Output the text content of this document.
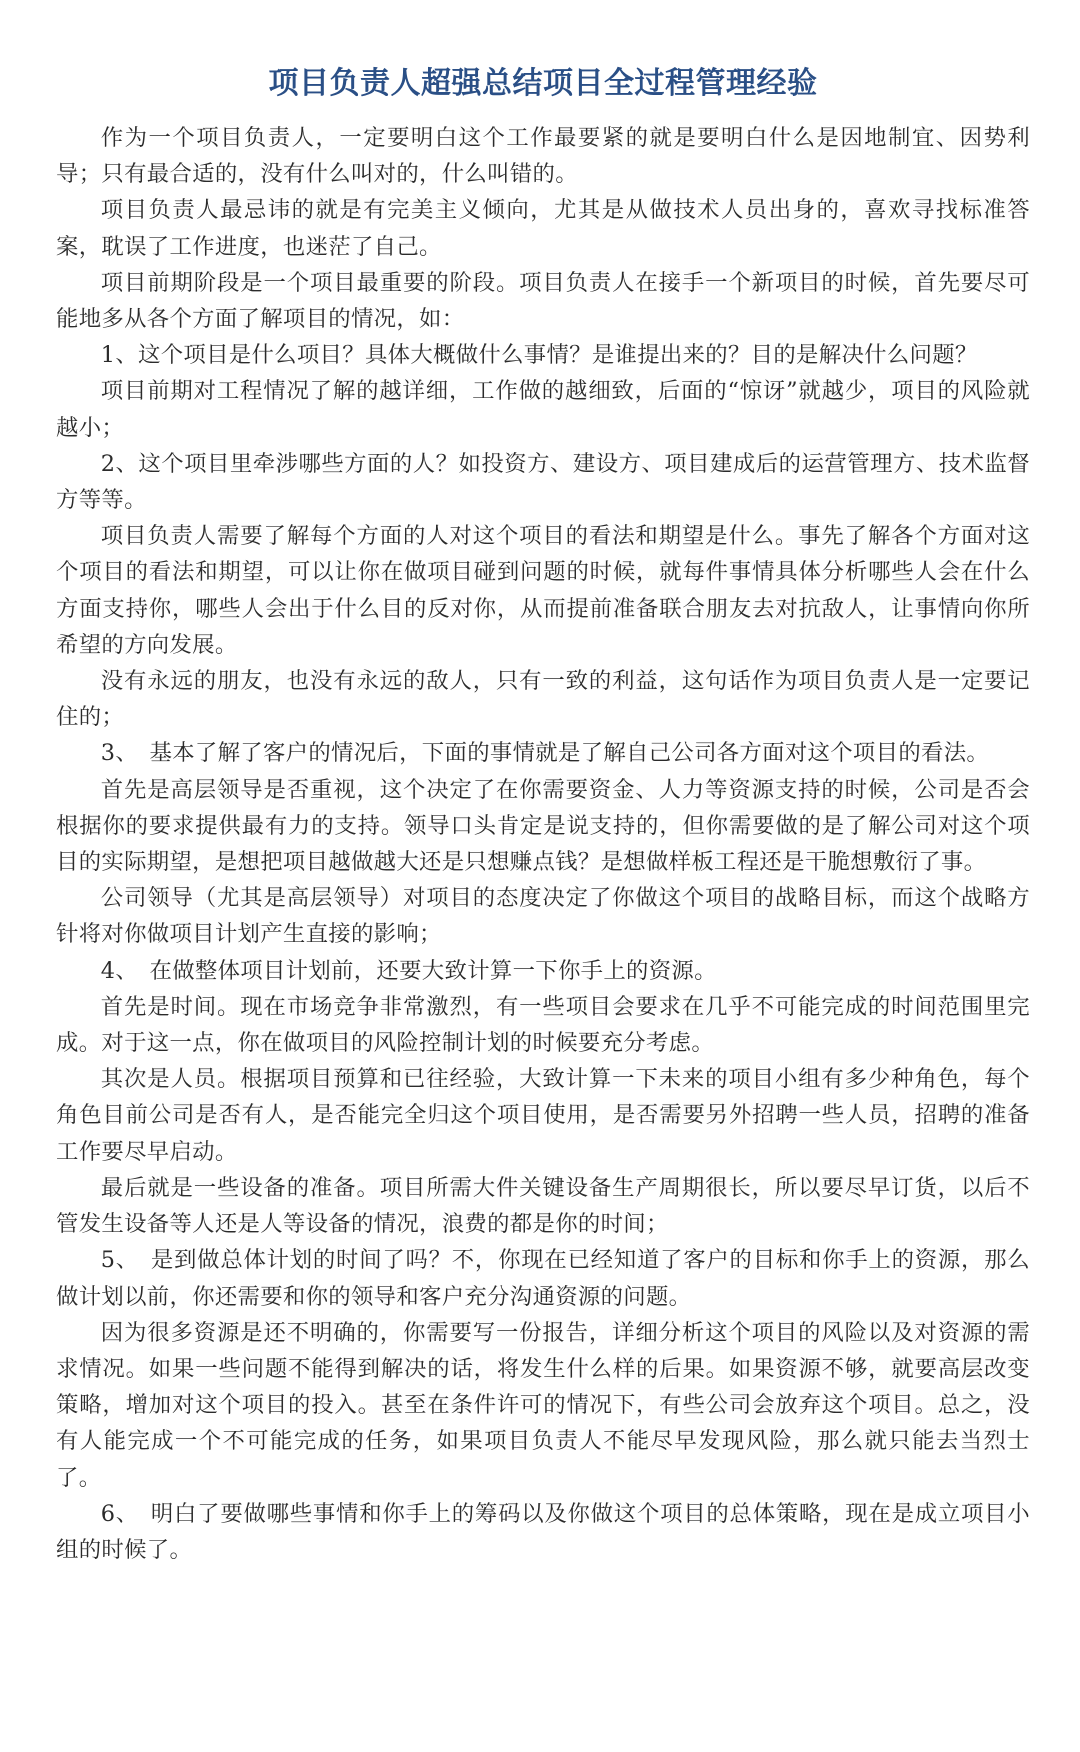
项目负责人超强总结项目全过程管理经验

作为一个项目负责人，一定要明白这个工作最要紧的就是要明白什么是因地制宜、因势利导；只有最合适的，没有什么叫对的，什么叫错的。

项目负责人最忌讳的就是有完美主义倾向，尤其是从做技术人员出身的，喜欢寻找标准答案，耽误了工作进度，也迷茫了自己。

项目前期阶段是一个项目最重要的阶段。项目负责人在接手一个新项目的时候，首先要尽可能地多从各个方面了解项目的情况，如：

1、这个项目是什么项目？具体大概做什么事情？是谁提出来的？目的是解决什么问题？

项目前期对工程情况了解的越详细，工作做的越细致，后面的“惊讶”就越少，项目的风险就越小；

2、这个项目里牵涉哪些方面的人？如投资方、建设方、项目建成后的运营管理方、技术监督方等等。

项目负责人需要了解每个方面的人对这个项目的看法和期望是什么。事先了解各个方面对这个项目的看法和期望，可以让你在做项目碰到问题的时候，就每件事情具体分析哪些人会在什么方面支持你，哪些人会出于什么目的反对你，从而提前准备联合朋友去对抗敌人，让事情向你所希望的方向发展。

没有永远的朋友，也没有永远的敌人，只有一致的利益，这句话作为项目负责人是一定要记住的；

3、　基本了解了客户的情况后，下面的事情就是了解自己公司各方面对这个项目的看法。

首先是高层领导是否重视，这个决定了在你需要资金、人力等资源支持的时候，公司是否会根据你的要求提供最有力的支持。领导口头肯定是说支持的，但你需要做的是了解公司对这个项目的实际期望，是想把项目越做越大还是只想赚点钱？是想做样板工程还是干脆想敷衍了事。

公司领导（尤其是高层领导）对项目的态度决定了你做这个项目的战略目标，而这个战略方针将对你做项目计划产生直接的影响；

4、　在做整体项目计划前，还要大致计算一下你手上的资源。

首先是时间。现在市场竞争非常激烈，有一些项目会要求在几乎不可能完成的时间范围里完成。对于这一点，你在做项目的风险控制计划的时候要充分考虑。

其次是人员。根据项目预算和已往经验，大致计算一下未来的项目小组有多少种角色，每个角色目前公司是否有人，是否能完全归这个项目使用，是否需要另外招聘一些人员，招聘的准备工作要尽早启动。

最后就是一些设备的准备。项目所需大件关键设备生产周期很长，所以要尽早订货，以后不管发生设备等人还是人等设备的情况，浪费的都是你的时间；

5、　是到做总体计划的时间了吗？不，你现在已经知道了客户的目标和你手上的资源，那么做计划以前，你还需要和你的领导和客户充分沟通资源的问题。

因为很多资源是还不明确的，你需要写一份报告，详细分析这个项目的风险以及对资源的需求情况。如果一些问题不能得到解决的话，将发生什么样的后果。如果资源不够，就要高层改变策略，增加对这个项目的投入。甚至在条件许可的情况下，有些公司会放弃这个项目。总之，没有人能完成一个不可能完成的任务，如果项目负责人不能尽早发现风险，那么就只能去当烈士了。

6、　明白了要做哪些事情和你手上的筹码以及你做这个项目的总体策略，现在是成立项目小组的时候了。
